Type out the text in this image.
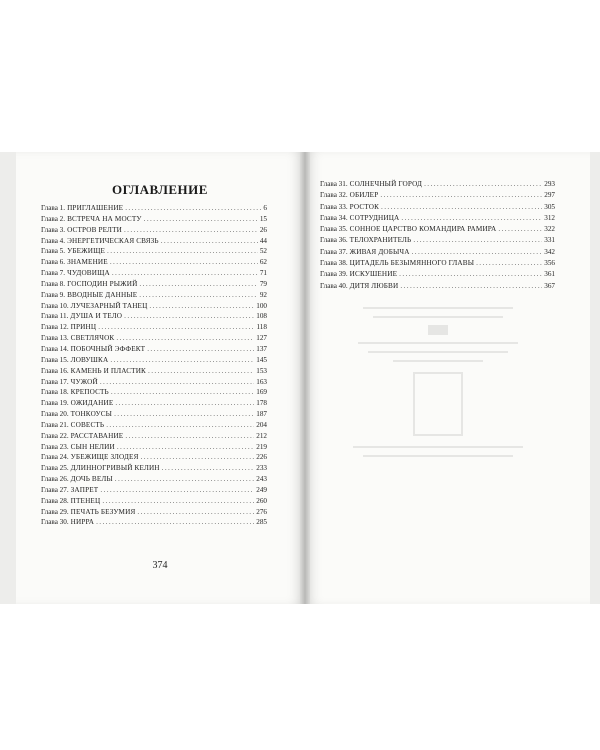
ОГЛАВЛЕНИЕ
Глава 1. ПРИГЛАШЕНИЕ .....	6
Глава 2. ВСТРЕЧА НА МОСТУ .....	15
Глава 3. ОСТРОВ РЕЛТИ .....	26
Глава 4. ЭНЕРГЕТИЧЕСКАЯ СВЯЗЬ .....	44
Глава 5. УБЕЖИЩЕ .....	52
Глава 6. ЗНАМЕНИЕ .....	62
Глава 7. ЧУДОВИЩА .....	71
Глава 8. ГОСПОДИН РЫЖИЙ .....	79
Глава 9. ВВОДНЫЕ ДАННЫЕ .....	92
Глава 10. ЛУЧЕЗАРНЫЙ ТАНЕЦ .....	100
Глава 11. ДУША И ТЕЛО .....	108
Глава 12. ПРИНЦ .....	118
Глава 13. СВЕТЛЯЧОК .....	127
Глава 14. ПОБОЧНЫЙ ЭФФЕКТ .....	137
Глава 15. ЛОВУШКА .....	145
Глава 16. КАМЕНЬ И ПЛАСТИК .....	153
Глава 17. ЧУЖОЙ .....	163
Глава 18. КРЕПОСТЬ .....	169
Глава 19. ОЖИДАНИЕ .....	178
Глава 20. ТОНКОУСЫ .....	187
Глава 21. СОВЕСТЬ .....	204
Глава 22. РАССТАВАНИЕ .....	212
Глава 23. СЫН НЕЛИИ .....	219
Глава 24. УБЕЖИЩЕ ЗЛОДЕЯ .....	226
Глава 25. ДЛИННОГРИВЫЙ КЕЛИН .....	233
Глава 26. ДОЧЬ ВЕЛЫ .....	243
Глава 27. ЗАПРЕТ .....	249
Глава 28. ПТЕНЕЦ .....	260
Глава 29. ПЕЧАТЬ БЕЗУМИЯ .....	276
Глава 30. НИРРА .....	285
Глава 31. СОЛНЕЧНЫЙ ГОРОД .....	293
Глава 32. ОБИЛЕР .....	297
Глава 33. РОСТОК .....	305
Глава 34. СОТРУДНИЦА .....	312
Глава 35. СОННОЕ ЦАРСТВО КОМАНДИРА РАМИРА .....	322
Глава 36. ТЕЛОХРАНИТЕЛЬ .....	331
Глава 37. ЖИВАЯ ДОБЫЧА .....	342
Глава 38. ЦИТАДЕЛЬ БЕЗЫМЯННОГО ГЛАВЫ .....	356
Глава 39. ИСКУШЕНИЕ .....	361
Глава 40. ДИТЯ ЛЮБВИ .....	367
374
